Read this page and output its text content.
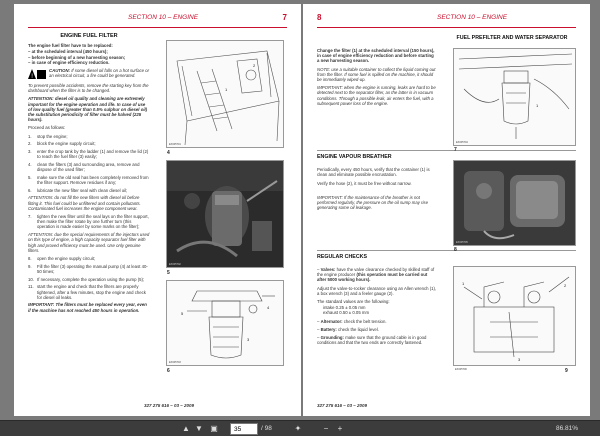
SECTION 10 – ENGINE	7
ENGINE FUEL FILTER

The engine fuel filter have to be replaced:

– at the scheduled interval (450 hours);
– before beginning of a new harvesting season;
– in case of engine efficiency reduction.

!
CAUTION: If some diesel oil falls on a hot surface or an electrical circuit, a fire could be generated.

To prevent possible accidents, remove the starting key from the dashboard when the filter is to be changed.

ATTENTION: diesel oil quality and cleaning are extremely important for the engine operation and life. In case of use of low quality fuel (greater than 0.5% sulphur on diesel oil) the substitution periodicity of filter must be halved (225 hours).

Proceed as follows:

1. stop the engine;
2. block the engine supply circuit;
3. enter the crop tank by the ladder (1) and remove the lid (2) to reach the fuel filter (3) easily;
4. clean the filters (3) and surrounding area, remove and dispose of the used filter;
5. make sure the old seal has been completely removed from the filter support. Remove residues if any;
6. lubricate the new filter seal with clean diesel oil;

ATTENTION: do not fill the new filters with diesel oil before fitting it. This fuel could be unfiltered and contain pollutants. Contaminated fuel increases the engine component wear.

7. tighten the new filter until the seal lays on the filter support, then make the filter rotate by one further turn (this operation is made easier by some marks on the filter);

ATTENTION: due the special requirements of the injectors used on this type of engine, a high capacity separator fuel filter with high and proved efficiency must be used. Use only genuine filters.

8. open the engine supply circuit;
9. Fill the filter (3) operating the manual pump (4) at least 40-50 times;
10. If necessary, complete the operation using the pump (5);
11. start the engine and check that the filters are properly tightened, after a few minutes, stop the engine and check for diesel oil leaks.

IMPORTANT: The filters must be replaced every year, even if the machine has not reached 450 hours in operation.

1
2
EX005T01
4
EX005T02
5
4
3
5
EX005T03
6
327 275 616 – 03 – 2009
8	SECTION 10 – ENGINE
FUEL PREFILTER AND WATER SEPARATOR

Change the filter (1) at the scheduled interval (150 hours), in case of engine efficiency reduction and before starting a new harvesting season.

NOTE: use a suitable container to collect the liquid coming out from the filter. If some fuel is spilled on the machine, it should be immediately wiped-up.

IMPORTANT: when the engine is running, leaks are hard to be detected next to the separator filter, as the latter is in vacuum conditions. Through a possible leak, air enters the fuel, with a subsequent power loss of the engine.

ENGINE VAPOUR BREATHER

Periodically, every 450 hours, verify that the container (1) is clean and eliminate possible encrustation.

Verify the hose (2), it must be free without narrow.

IMPORTANT: If the maintenance of the breather is not performed regularly, the pressure on the oil sump may rise generating some oil leakage.

REGULAR CHECKS

– Valves: have the valve clearance checked by skilled staff of the engine producer (this operation must be carried out after 5000 working hours).

Adjust the valve-to-rocker clearance using an Allen wrench (1), a box wrench (3) and a feeler gauge (2).

The standard values are the following:

intake 0.25 ± 0.05 mm

exhaust 0.50 ± 0.05 mm

– Alternator: check the belt tension.

– Battery: check the liquid level.

– Grounding: make sure that the ground cable is in good conditions and that the two ends are correctly fastened.

1
EX005T04
7
EX005T05
8
1	2
3
9
EX005T06
327 275 616 – 03 – 2009
▲ ▼ ▣
35	/ 98	✦	−	+	86.81%
